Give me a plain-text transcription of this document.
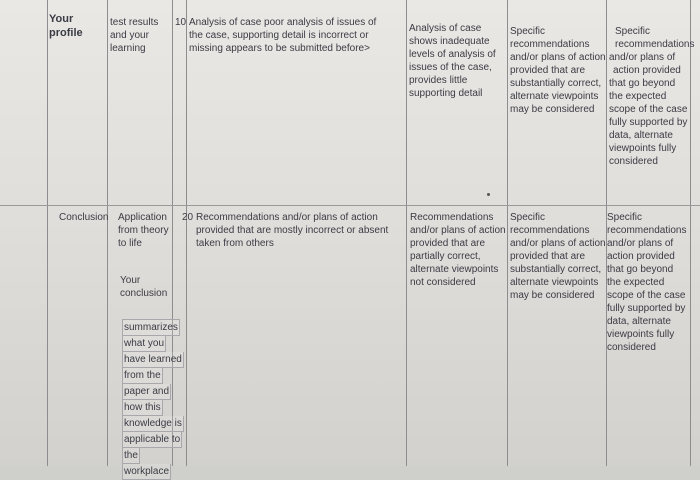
Your
profile
test results
and your
learning
10 Analysis of case poor analysis of issues of
the case, supporting detail is incorrect or
missing appears to be submitted before>
Analysis of case
shows inadequate
levels of analysis of
issues of the case,
provides little
supporting detail
Specific
recommendations
and/or plans of action
provided that are
substantially correct,
alternate viewpoints
may be considered
Specific
recommendations
and/or plans of
action provided
that go beyond
the expected
scope of the case
fully supported by
data, alternate
viewpoints fully
considered
Conclusion Application
from theory
to life
Your
conclusion
summarizes
what you
have learned
from the
paper and
how this
knowledge is
applicable to
the
workplace
20 Recommendations and/or plans of action
provided that are mostly incorrect or absent
taken from others
Recommendations
and/or plans of action
provided that are
partially correct,
alternate viewpoints
not considered
Specific
recommendations
and/or plans of action
provided that are
substantially correct,
alternate viewpoints
may be considered
Specific
recommendations
and/or plans of
action provided
that go beyond
the expected
scope of the case
fully supported by
data, alternate
viewpoints fully
considered
